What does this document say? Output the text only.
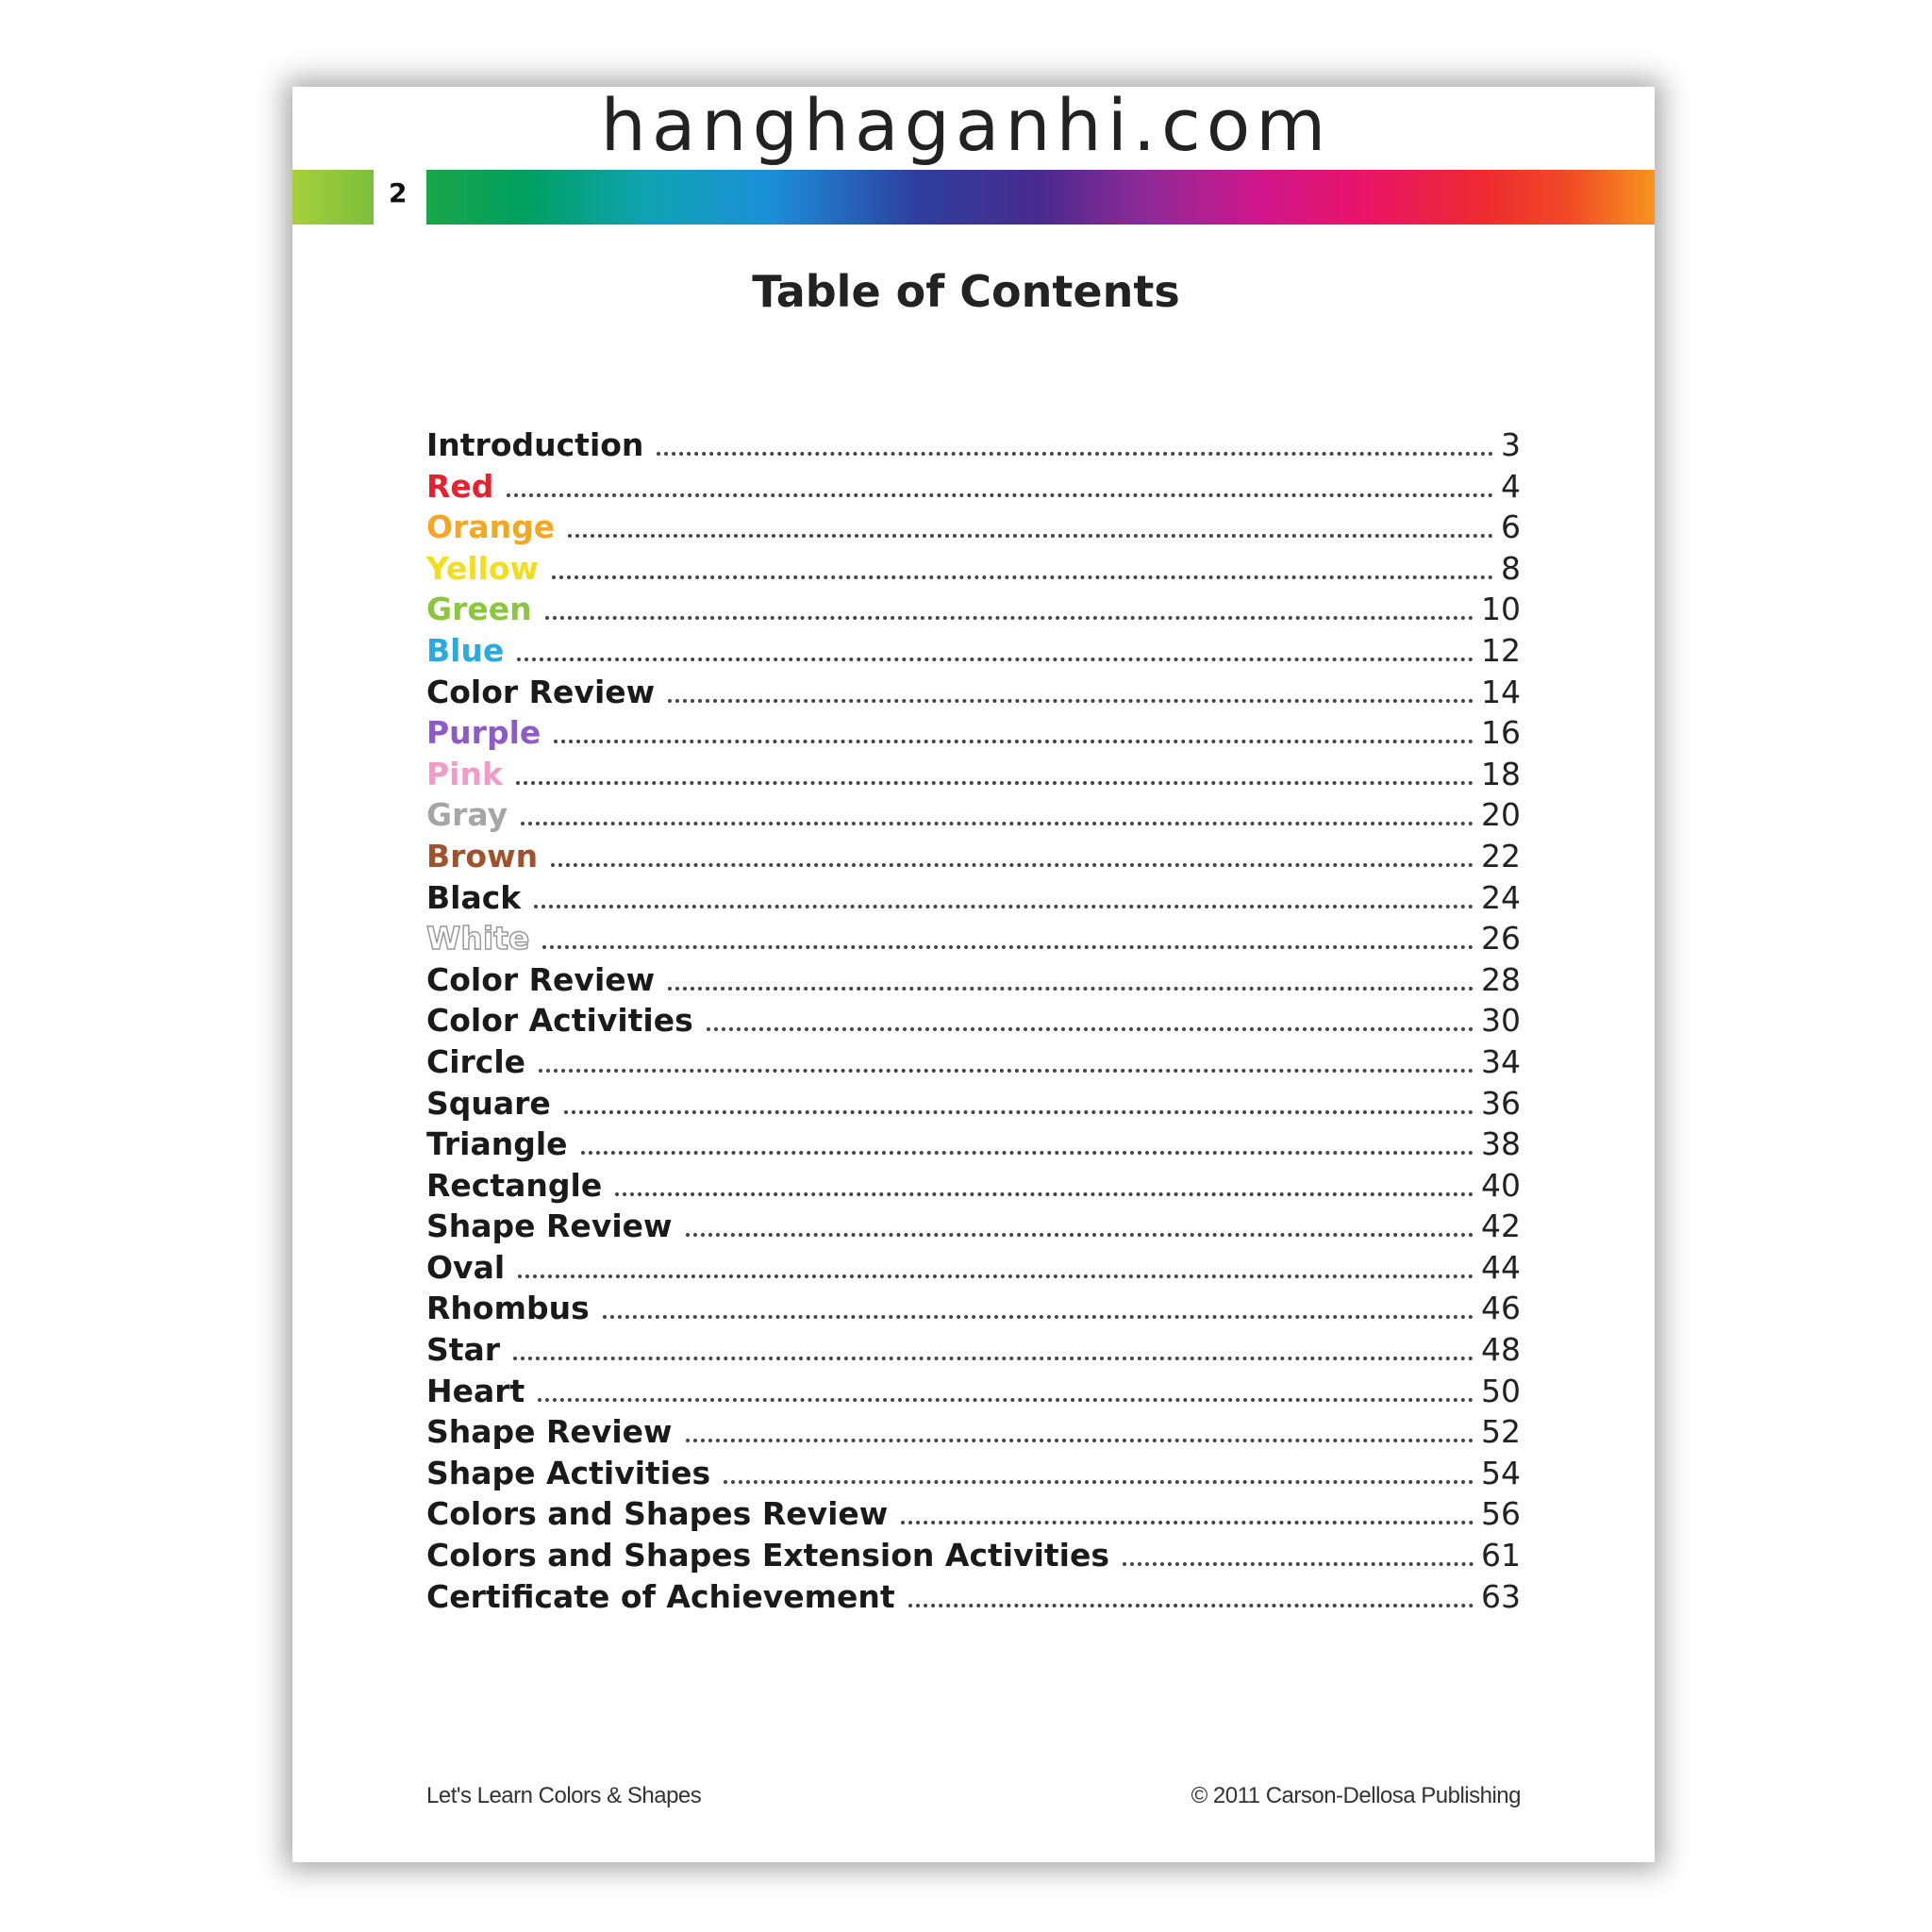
hanghaganhi.com
2
Table of Contents
Introduction	3
Red	4
Orange	6
Yellow	8
Green	10
Blue	12
Color Review	14
Purple	16
Pink	18
Gray	20
Brown	22
Black	24
White	26
Color Review	28
Color Activities	30
Circle	34
Square	36
Triangle	38
Rectangle	40
Shape Review	42
Oval	44
Rhombus	46
Star	48
Heart	50
Shape Review	52
Shape Activities	54
Colors and Shapes Review	56
Colors and Shapes Extension Activities	61
Certificate of Achievement	63
Let's Learn Colors & Shapes	© 2011 Carson-Dellosa Publishing
